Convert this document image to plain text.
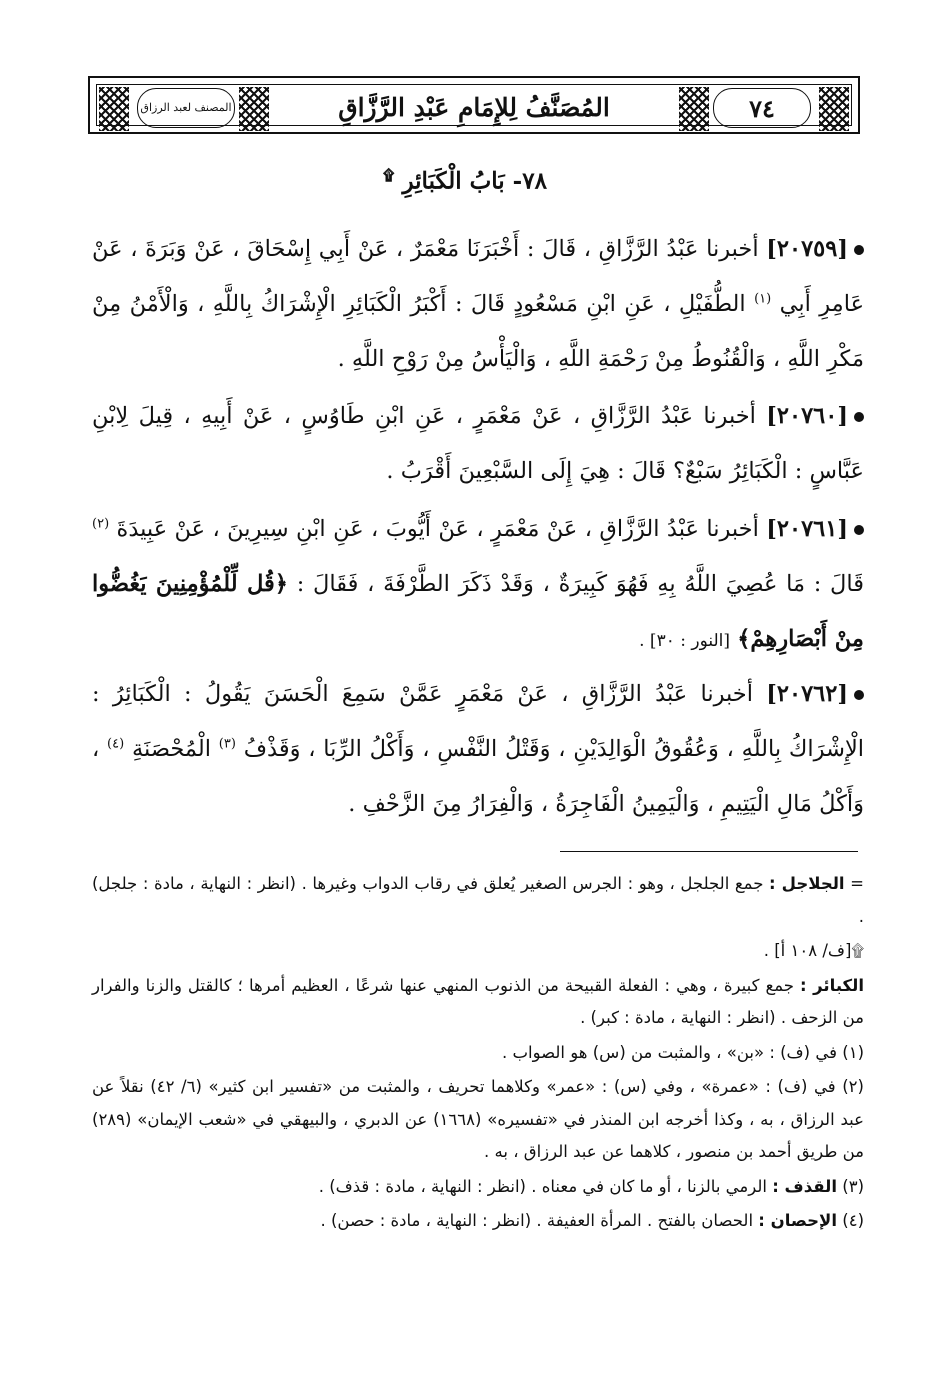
المصنف لعبد الرزاق	المُصَنَّفُ لِلإِمَامِ عَبْدِ الرَّزَّاقِ	٧٤
٧٨- بَابُ الْكَبَائِرِ ۩

[٢٠٧٥٩] أخبرنا عَبْدُ الرَّزَّاقِ ، قَالَ : أَخْبَرَنَا مَعْمَرٌ ، عَنْ أَبِي إِسْحَاقَ ، عَنْ وَبَرَةَ ، عَنْ عَامِرِ أَبِي $^{(١)}$ الطُّفَيْلِ ، عَنِ ابْنِ مَسْعُودٍ قَالَ : أَكْبَرُ الْكَبَائِرِ الْإِشْرَاكُ بِاللَّهِ ، وَالْأَمْنُ مِنْ مَكْرِ اللَّهِ ، وَالْقُنُوطُ مِنْ رَحْمَةِ اللَّهِ ، وَالْيَأْسُ مِنْ رَوْحِ اللَّهِ .

[٢٠٧٦٠] أخبرنا عَبْدُ الرَّزَّاقِ ، عَنْ مَعْمَرٍ ، عَنِ ابْنِ طَاوُسٍ ، عَنْ أَبِيهِ ، قِيلَ لِابْنِ عَبَّاسٍ : الْكَبَائِرُ سَبْعٌ؟ قَالَ : هِيَ إِلَى السَّبْعِينَ أَقْرَبُ .

[٢٠٧٦١] أخبرنا عَبْدُ الرَّزَّاقِ ، عَنْ مَعْمَرٍ ، عَنْ أَيُّوبَ ، عَنِ ابْنِ سِيرِينَ ، عَنْ عَبِيدَةَ $^{(٢)}$ قَالَ : مَا عُصِيَ اللَّهُ بِهِ فَهُوَ كَبِيرَةٌ ، وَقَدْ ذَكَرَ الطَّرْفَةَ ، فَقَالَ : ﴿قُل لِّلْمُؤْمِنِينَ يَغُضُّوا مِنْ أَبْصَارِهِمْ﴾ [النور : ٣٠] .

[٢٠٧٦٢] أخبرنا عَبْدُ الرَّزَّاقِ ، عَنْ مَعْمَرٍ عَمَّنْ سَمِعَ الْحَسَنَ يَقُولُ : الْكَبَائِرُ : الْإِشْرَاكُ بِاللَّهِ ، وَعُقُوقُ الْوَالِدَيْنِ ، وَقَتْلُ النَّفْسِ ، وَأَكْلُ الرِّبَا ، وَقَذْفُ $^{(٣)}$ الْمُحْصَنَةِ $^{(٤)}$ ، وَأَكْلُ مَالِ الْيَتِيمِ ، وَالْيَمِينُ الْفَاجِرَةُ ، وَالْفِرَارُ مِنَ الزَّحْفِ .

= الجلاجل : جمع الجلجل ، وهو : الجرس الصغير يُعلق في رقاب الدواب وغيرها . (انظر : النهاية ، مادة : جلجل) .

۩[ف/ ١٠٨ أ] .

الكبائر : جمع كبيرة ، وهي : الفعلة القبيحة من الذنوب المنهي عنها شرعًا ، العظيم أمرها ؛ كالقتل والزنا والفرار من الزحف . (انظر : النهاية ، مادة : كبر) .

(١) في (ف) : «بن» ، والمثبت من (س) هو الصواب .

(٢) في (ف) : «عمرة» ، وفي (س) : «عمر» وكلاهما تحريف ، والمثبت من «تفسير ابن كثير» (٦/ ٤٢) نقلاً عن عبد الرزاق ، به ، وكذا أخرجه ابن المنذر في «تفسيره» (١٦٦٨) عن الدبري ، والبيهقي في «شعب الإيمان» (٢٨٩) من طريق أحمد بن منصور ، كلاهما عن عبد الرزاق ، به .

(٣) القذف : الرمي بالزنا ، أو ما كان في معناه . (انظر : النهاية ، مادة : قذف) .

(٤) الإحصان : الحصان بالفتح . المرأة العفيفة . (انظر : النهاية ، مادة : حصن) .
